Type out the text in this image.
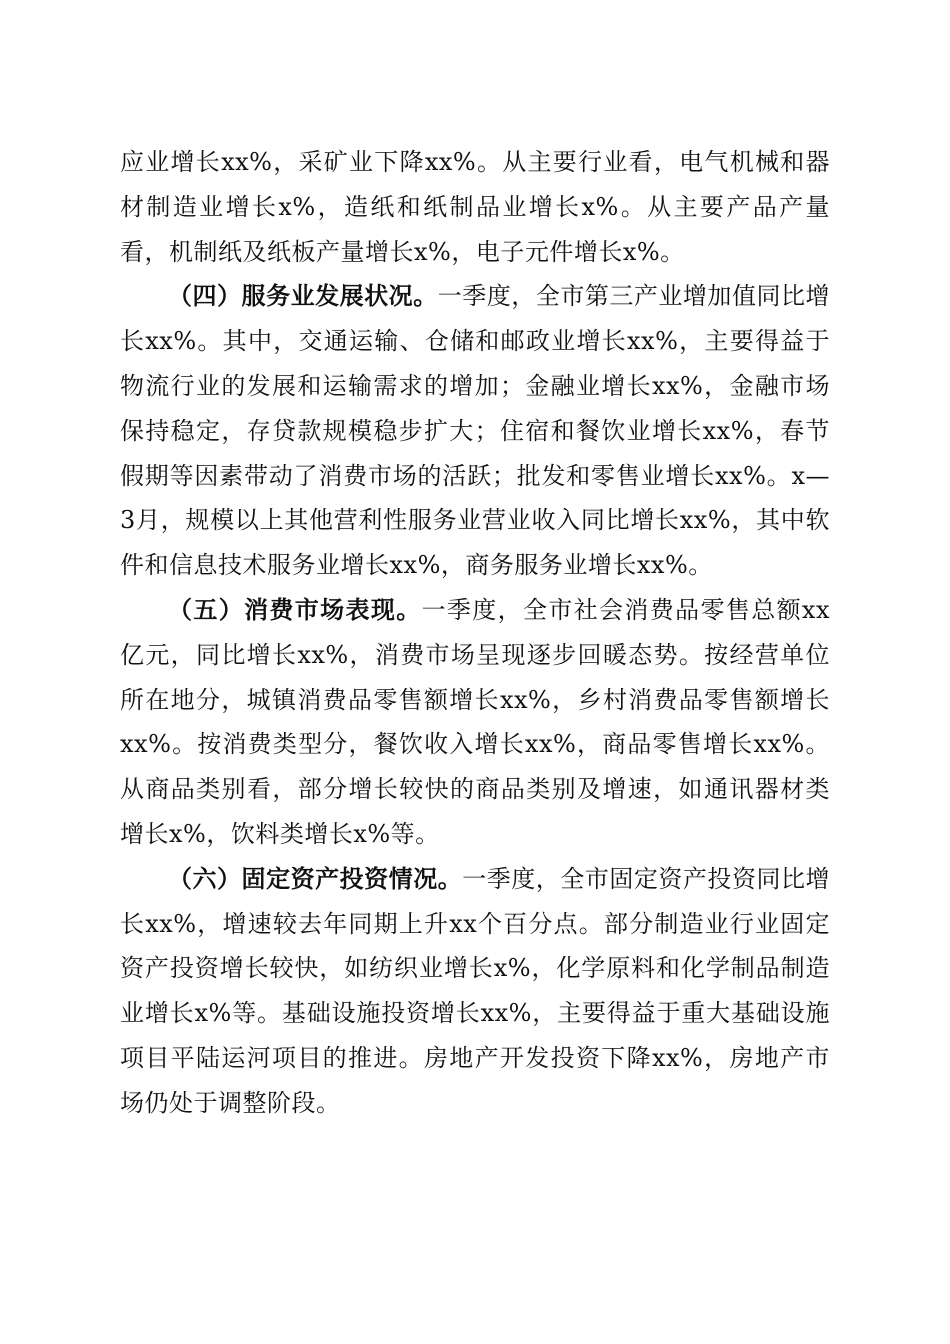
应业增长xx%，采矿业下降xx%。从主要行业看，电气机械和器材制造业增长x%，造纸和纸制品业增长x%。从主要产品产量看，机制纸及纸板产量增长x%，电子元件增长x%。

（四）服务业发展状况。一季度，全市第三产业增加值同比增长xx%。其中，交通运输、仓储和邮政业增长xx%，主要得益于物流行业的发展和运输需求的增加；金融业增长xx%，金融市场保持稳定，存贷款规模稳步扩大；住宿和餐饮业增长xx%，春节假期等因素带动了消费市场的活跃；批发和零售业增长xx%。x—3月，规模以上其他营利性服务业营业收入同比增长xx%，其中软件和信息技术服务业增长xx%，商务服务业增长xx%。

（五）消费市场表现。一季度，全市社会消费品零售总额xx亿元，同比增长xx%，消费市场呈现逐步回暖态势。按经营单位所在地分，城镇消费品零售额增长xx%，乡村消费品零售额增长xx%。按消费类型分，餐饮收入增长xx%，商品零售增长xx%。从商品类别看，部分增长较快的商品类别及增速，如通讯器材类增长x%，饮料类增长x%等。

（六）固定资产投资情况。一季度，全市固定资产投资同比增长xx%，增速较去年同期上升xx个百分点。部分制造业行业固定资产投资增长较快，如纺织业增长x%，化学原料和化学制品制造业增长x%等。基础设施投资增长xx%，主要得益于重大基础设施项目平陆运河项目的推进。房地产开发投资下降xx%，房地产市场仍处于调整阶段。
